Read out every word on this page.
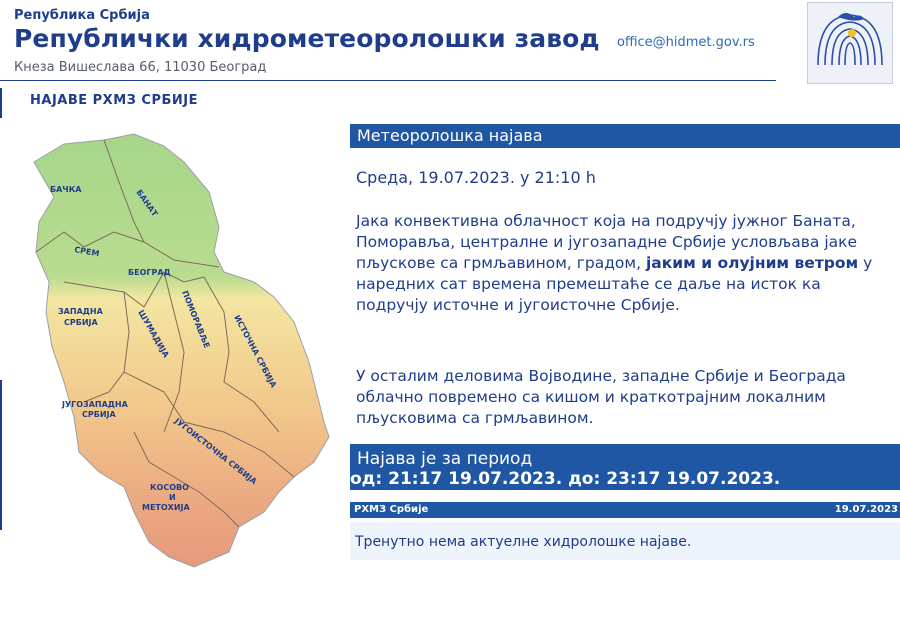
Република Србија
Републички хидрометеоролошки завод
Кнеза Вишеслава 66, 11030 Београд
office@hidmet.gov.rs
НАЈАВЕ РХМЗ СРБИЈЕ
БАЧКА	БАНАТ
СРЕМ
БЕОГРАД
ЗАПАДНА
СРБИЈА	ШУМАДИЈА ПОМОРАВЉЕ	ИСТОЧНА СРБИЈА
ЈУГОЗАПАДНА
СРБИЈА
ЈУГОИСТОЧНА СРБИЈА
КОСОВО
И
МЕТОХИЈА
Метеоролошка најава
Среда, 19.07.2023. у 21:10 h
Јака конвективна облачност која на подручју јужног Баната, Поморавља, централне и југозападне Србије условљава јаке пљускове са грмљавином, градом, јаким и олујним ветром у наредних сат времена премештаће се даље на исток ка подручју источне и југоисточне Србије.
У осталим деловима Војводине, западне Србије и Београда облачно повремено са кишом и краткотрајним локалним пљусковима са грмљавином.
Најава је за период
од: 21:17 19.07.2023. до: 23:17 19.07.2023.
РХМЗ Србије	19.07.2023
Тренутно нема актуелне хидролошке најаве.
